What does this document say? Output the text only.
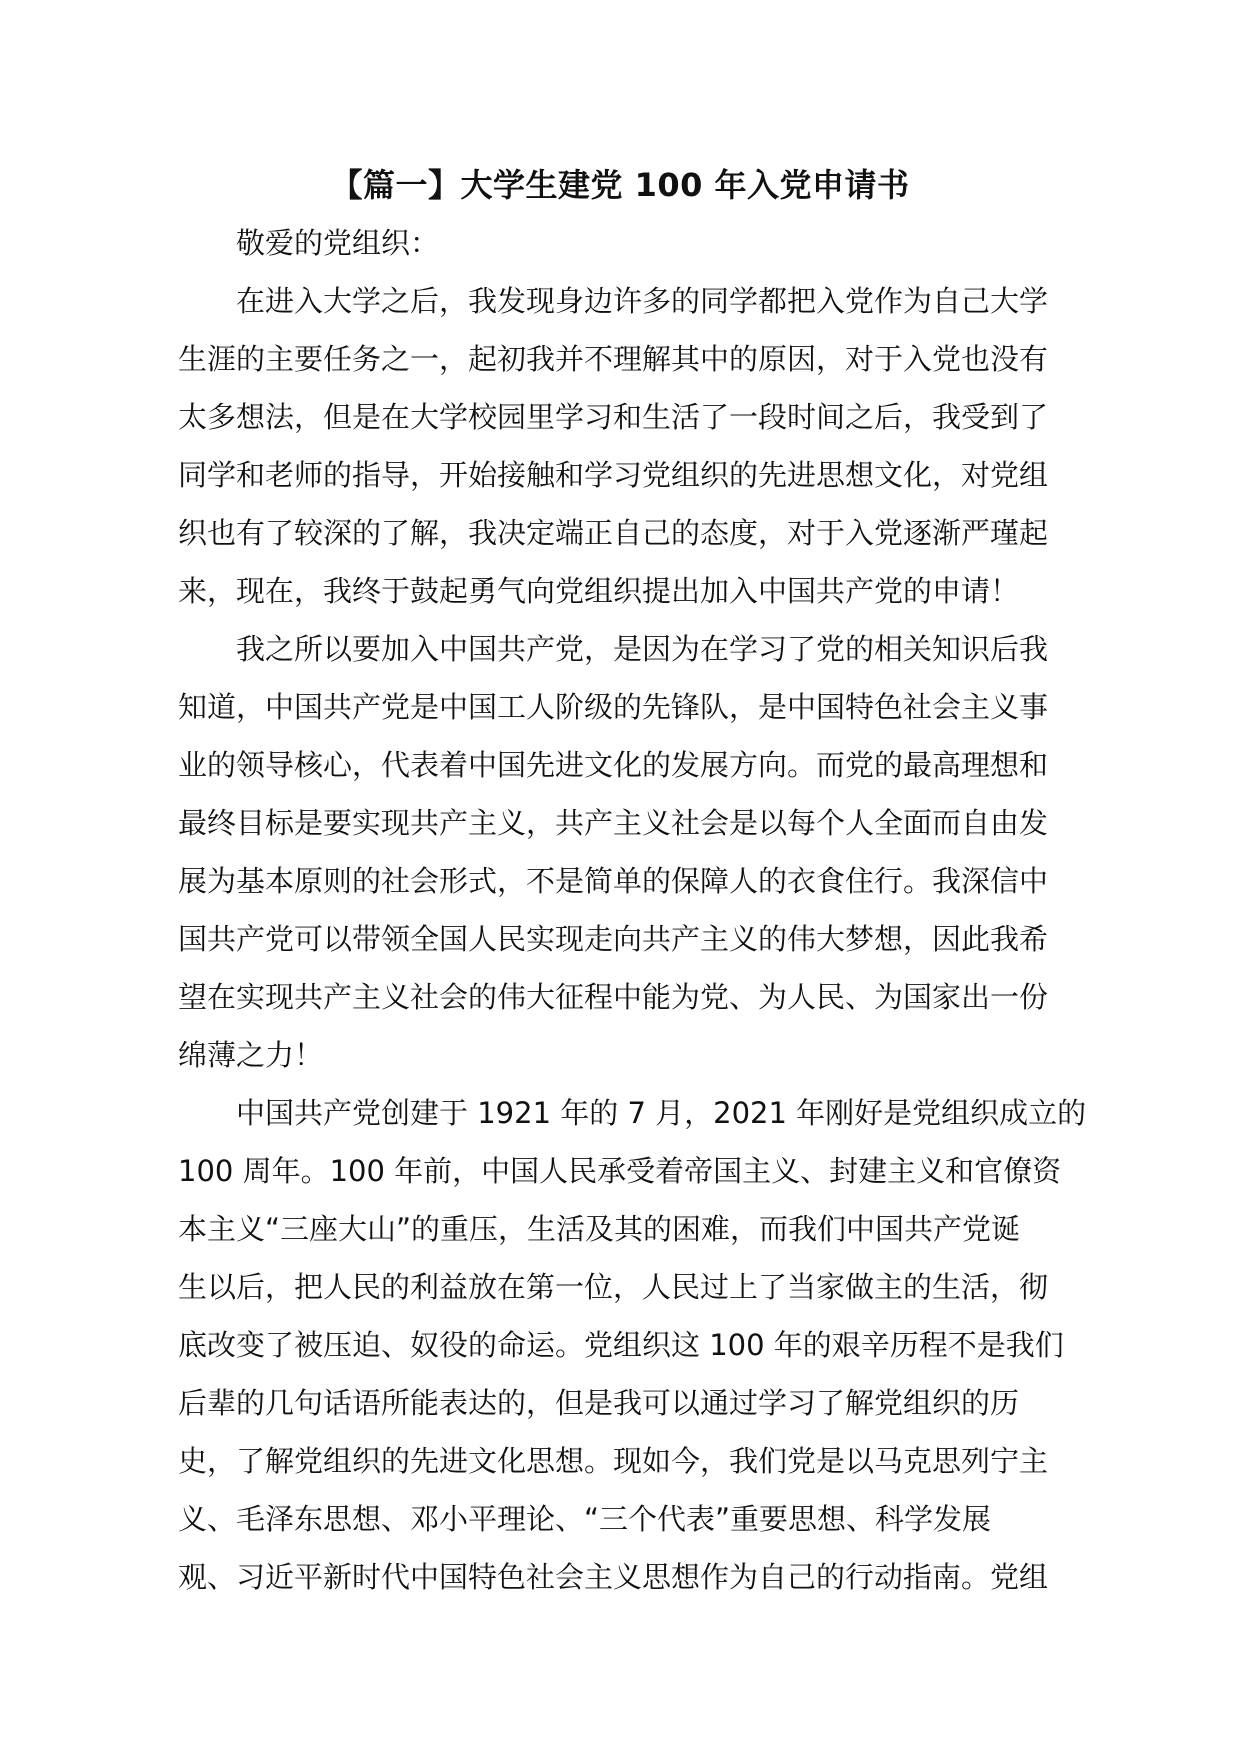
【篇一】大学生建党 100 年入党申请书
敬爱的党组织：
在进入大学之后，我发现身边许多的同学都把入党作为自己大学
生涯的主要任务之一，起初我并不理解其中的原因，对于入党也没有
太多想法，但是在大学校园里学习和生活了一段时间之后，我受到了
同学和老师的指导，开始接触和学习党组织的先进思想文化，对党组
织也有了较深的了解，我决定端正自己的态度，对于入党逐渐严瑾起
来，现在，我终于鼓起勇气向党组织提出加入中国共产党的申请！
我之所以要加入中国共产党，是因为在学习了党的相关知识后我
知道，中国共产党是中国工人阶级的先锋队，是中国特色社会主义事
业的领导核心，代表着中国先进文化的发展方向。而党的最高理想和
最终目标是要实现共产主义，共产主义社会是以每个人全面而自由发
展为基本原则的社会形式，不是简单的保障人的衣食住行。我深信中
国共产党可以带领全国人民实现走向共产主义的伟大梦想，因此我希
望在实现共产主义社会的伟大征程中能为党、为人民、为国家出一份
绵薄之力！
中国共产党创建于 1921 年的 7 月，2021 年刚好是党组织成立的
100 周年。100 年前，中国人民承受着帝国主义、封建主义和官僚资
本主义“三座大山”的重压，生活及其的困难，而我们中国共产党诞
生以后，把人民的利益放在第一位，人民过上了当家做主的生活，彻
底改变了被压迫、奴役的命运。党组织这 100 年的艰辛历程不是我们
后辈的几句话语所能表达的，但是我可以通过学习了解党组织的历
史，了解党组织的先进文化思想。现如今，我们党是以马克思列宁主
义、毛泽东思想、邓小平理论、“三个代表”重要思想、科学发展
观、习近平新时代中国特色社会主义思想作为自己的行动指南。党组
